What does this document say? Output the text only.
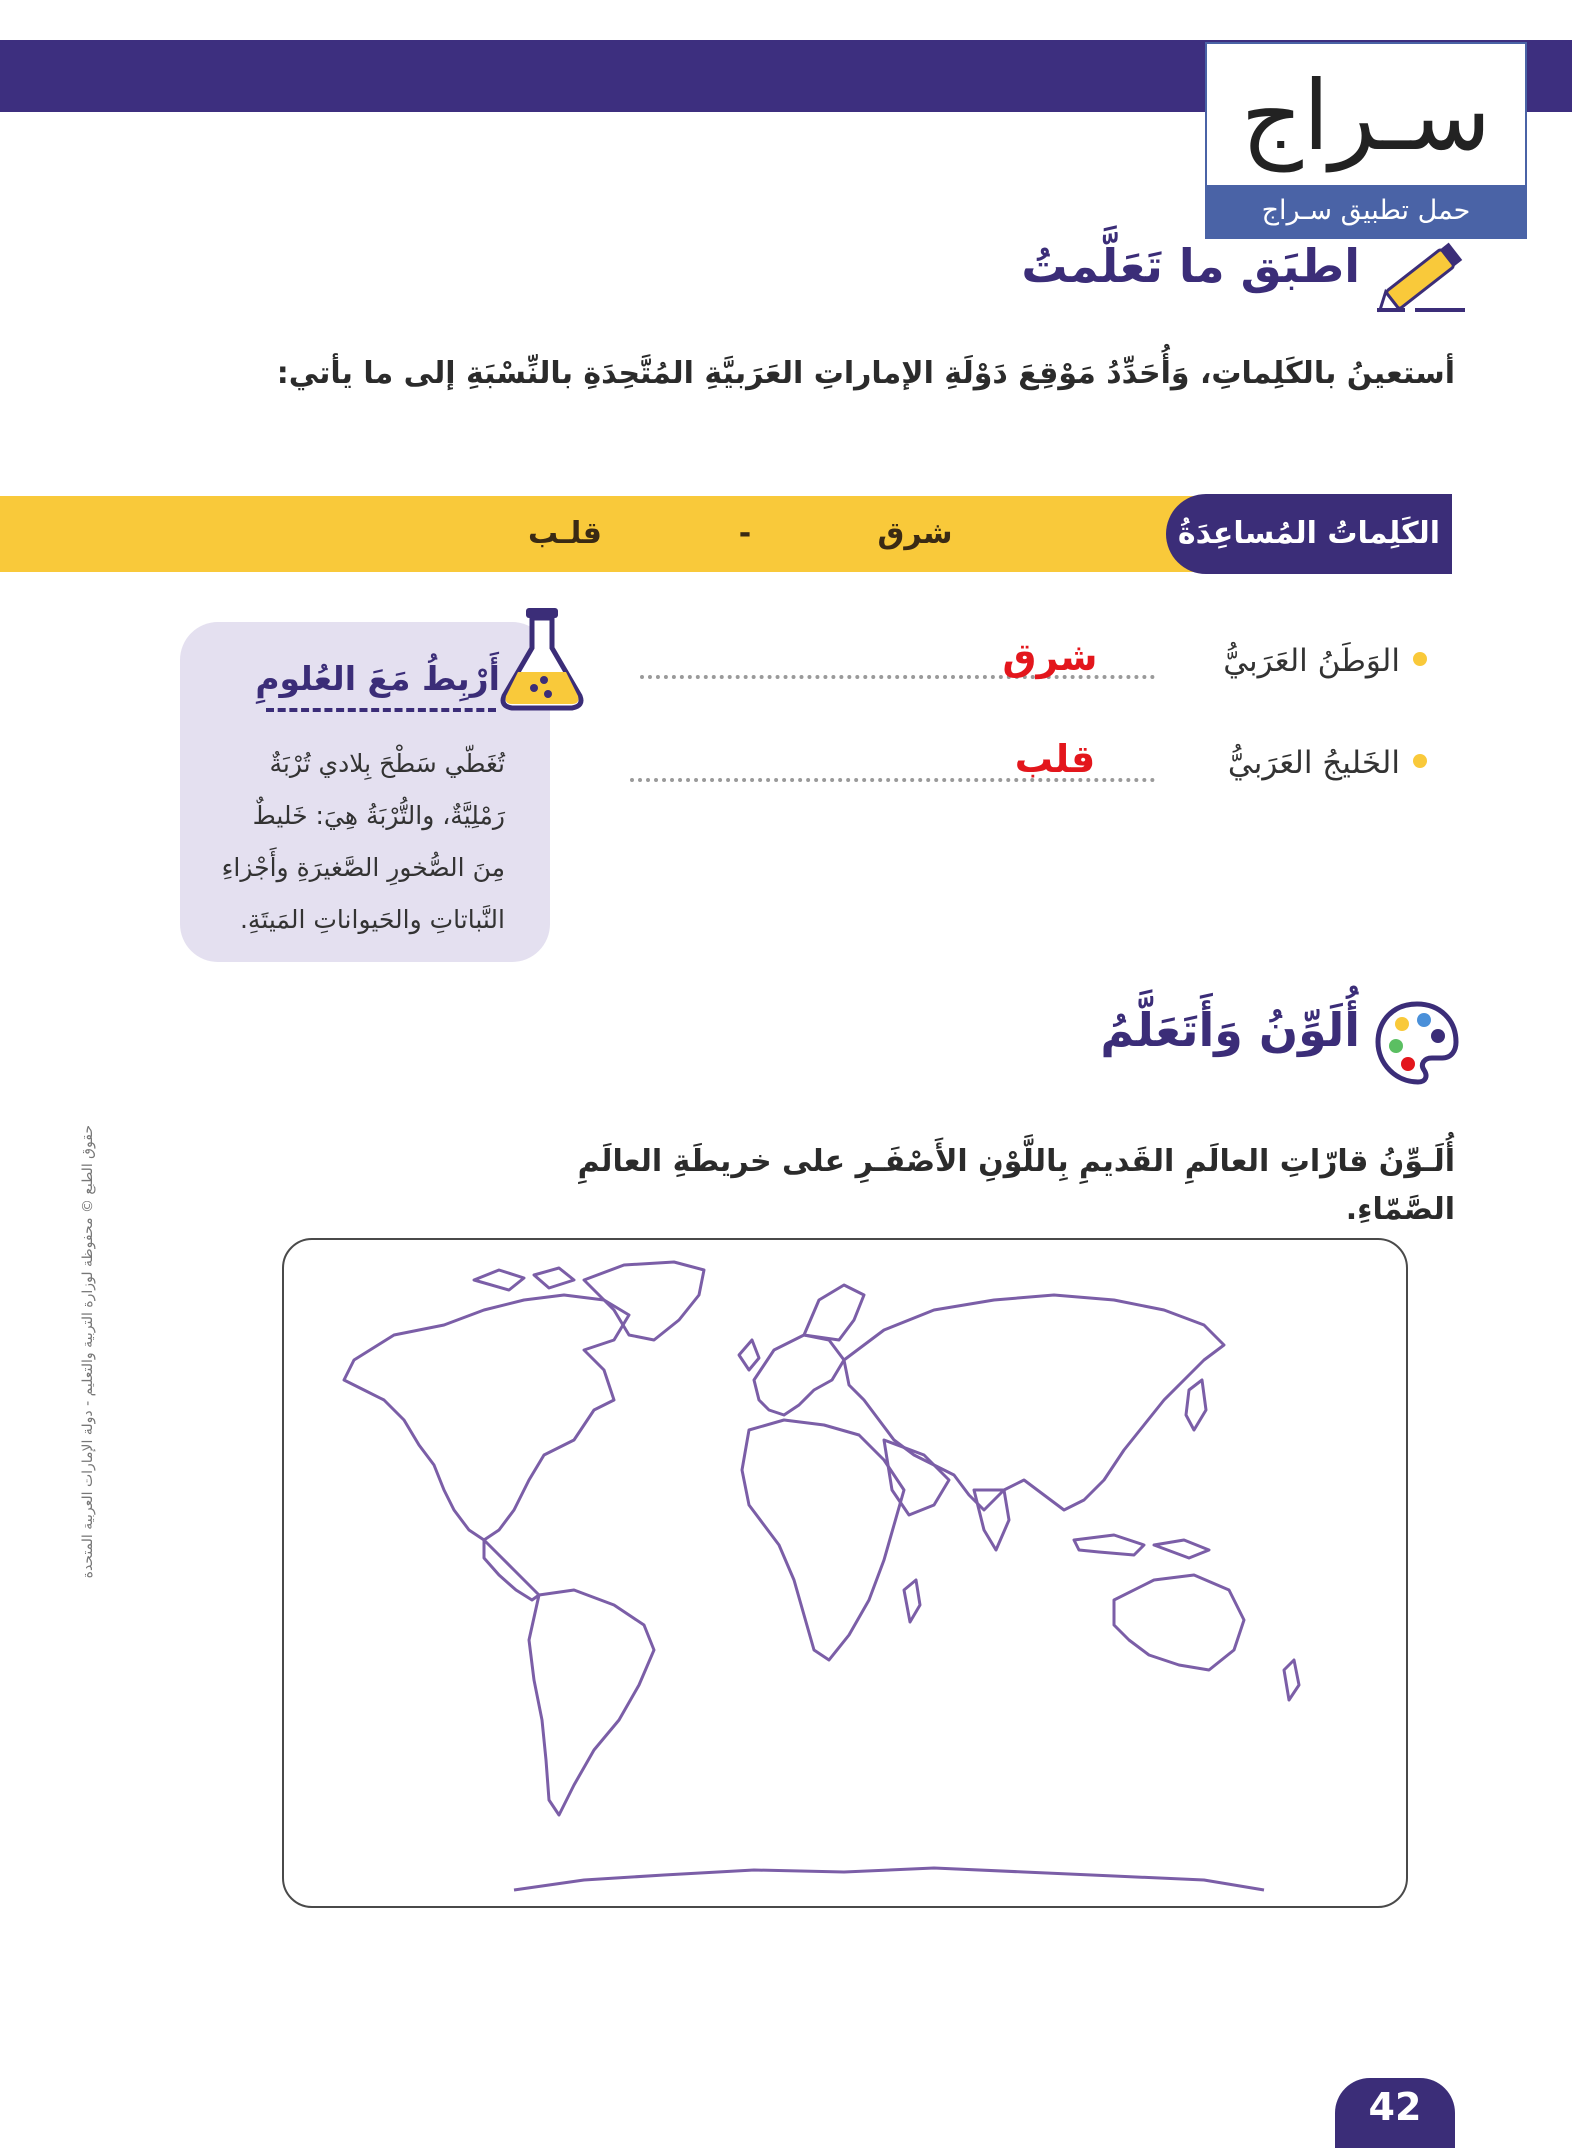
سـراج
حمل تطبيق سـراج
اطبَق ما تَعَلَّمتُ
أستعينُ بالكَلِماتِ، وَأُحَدِّدُ مَوْقِعَ دَوْلَةِ الإماراتِ العَرَبيَّةِ المُتَّحِدَةِ بالنِّسْبَةِ إلى ما يأتي:
الكَلِماتُ المُساعِدَةُ
شرق
-
قلـب
الوَطَنُ العَرَبيُّ
شرق
الخَليجُ العَرَبيُّ
قلب
أَرْبِطُ مَعَ العُلومِ
تُغَطّي سَطْحَ بِلادي تُرْبَةٌ
رَمْلِيَّةٌ، والتُّرْبَةُ هِيَ: خَليطٌ
مِنَ الصُّخورِ الصَّغيرَةِ وأَجْزاءِ
النَّباتاتِ والحَيواناتِ المَيتَةِ.
أُلَوِّنُ وَأَتَعَلَّمُ
أُلَـوِّنُ قارّاتِ العالَمِ القَديمِ بِاللَّوْنِ الأَصْفَـرِ على خريطَةِ العالَمِ الصَّمّاءِ.
حقوق الطبع © محفوظة لوزارة التربية والتعليم - دولة الإمارات العربية المتحدة
42
